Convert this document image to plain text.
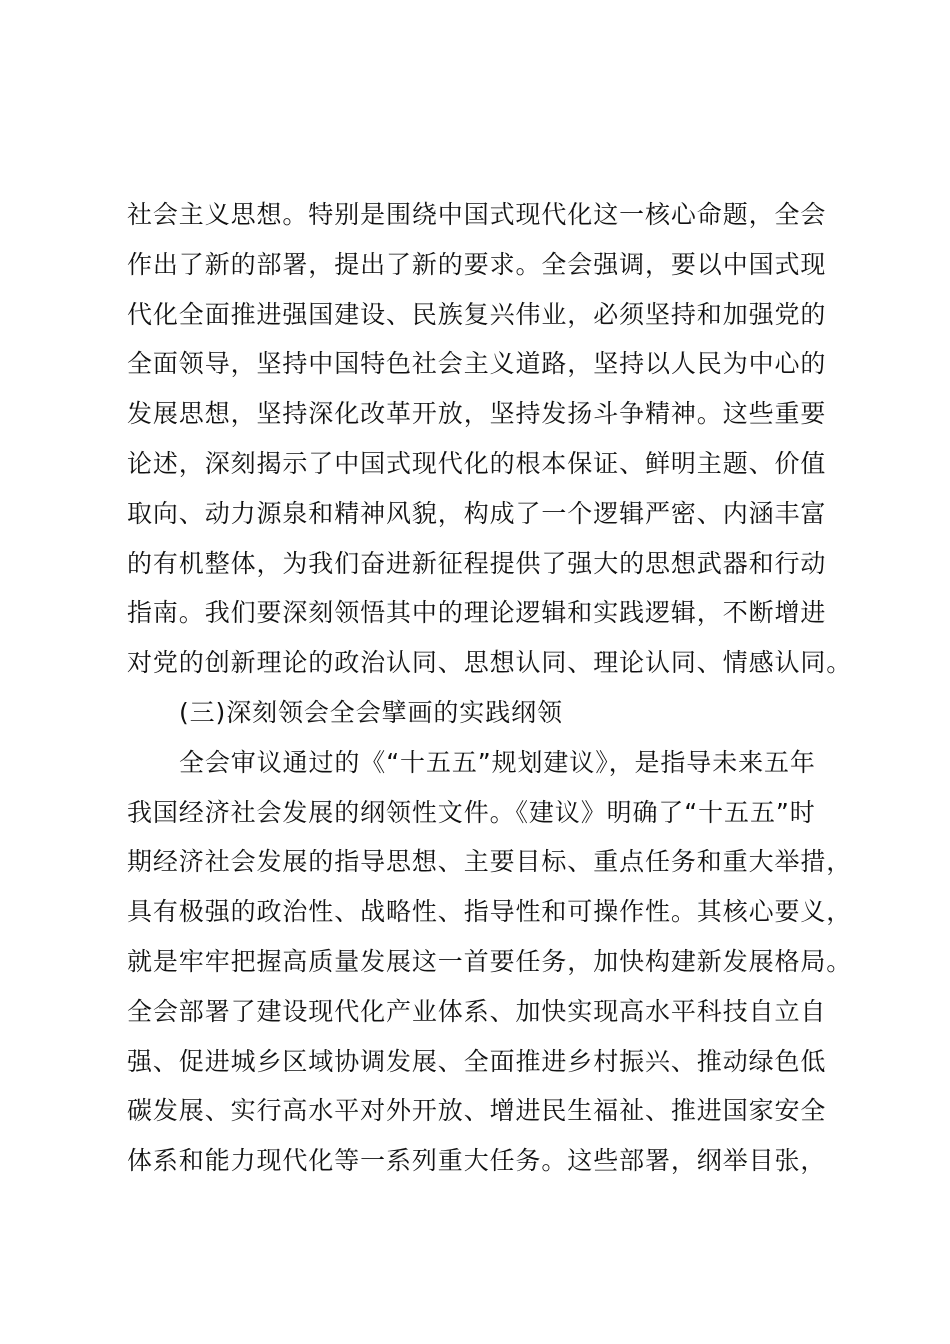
社会主义思想。特别是围绕中国式现代化这一核心命题，全会
作出了新的部署，提出了新的要求。全会强调，要以中国式现
代化全面推进强国建设、民族复兴伟业，必须坚持和加强党的
全面领导，坚持中国特色社会主义道路，坚持以人民为中心的
发展思想，坚持深化改革开放，坚持发扬斗争精神。这些重要
论述，深刻揭示了中国式现代化的根本保证、鲜明主题、价值
取向、动力源泉和精神风貌，构成了一个逻辑严密、内涵丰富
的有机整体，为我们奋进新征程提供了强大的思想武器和行动
指南。我们要深刻领悟其中的理论逻辑和实践逻辑，不断增进
对党的创新理论的政治认同、思想认同、理论认同、情感认同。
(三)深刻领会全会擘画的实践纲领
全会审议通过的《“十五五”规划建议》，是指导未来五年
我国经济社会发展的纲领性文件。《建议》明确了“十五五”时
期经济社会发展的指导思想、主要目标、重点任务和重大举措，
具有极强的政治性、战略性、指导性和可操作性。其核心要义，
就是牢牢把握高质量发展这一首要任务，加快构建新发展格局。
全会部署了建设现代化产业体系、加快实现高水平科技自立自
强、促进城乡区域协调发展、全面推进乡村振兴、推动绿色低
碳发展、实行高水平对外开放、增进民生福祉、推进国家安全
体系和能力现代化等一系列重大任务。这些部署，纲举目张，
